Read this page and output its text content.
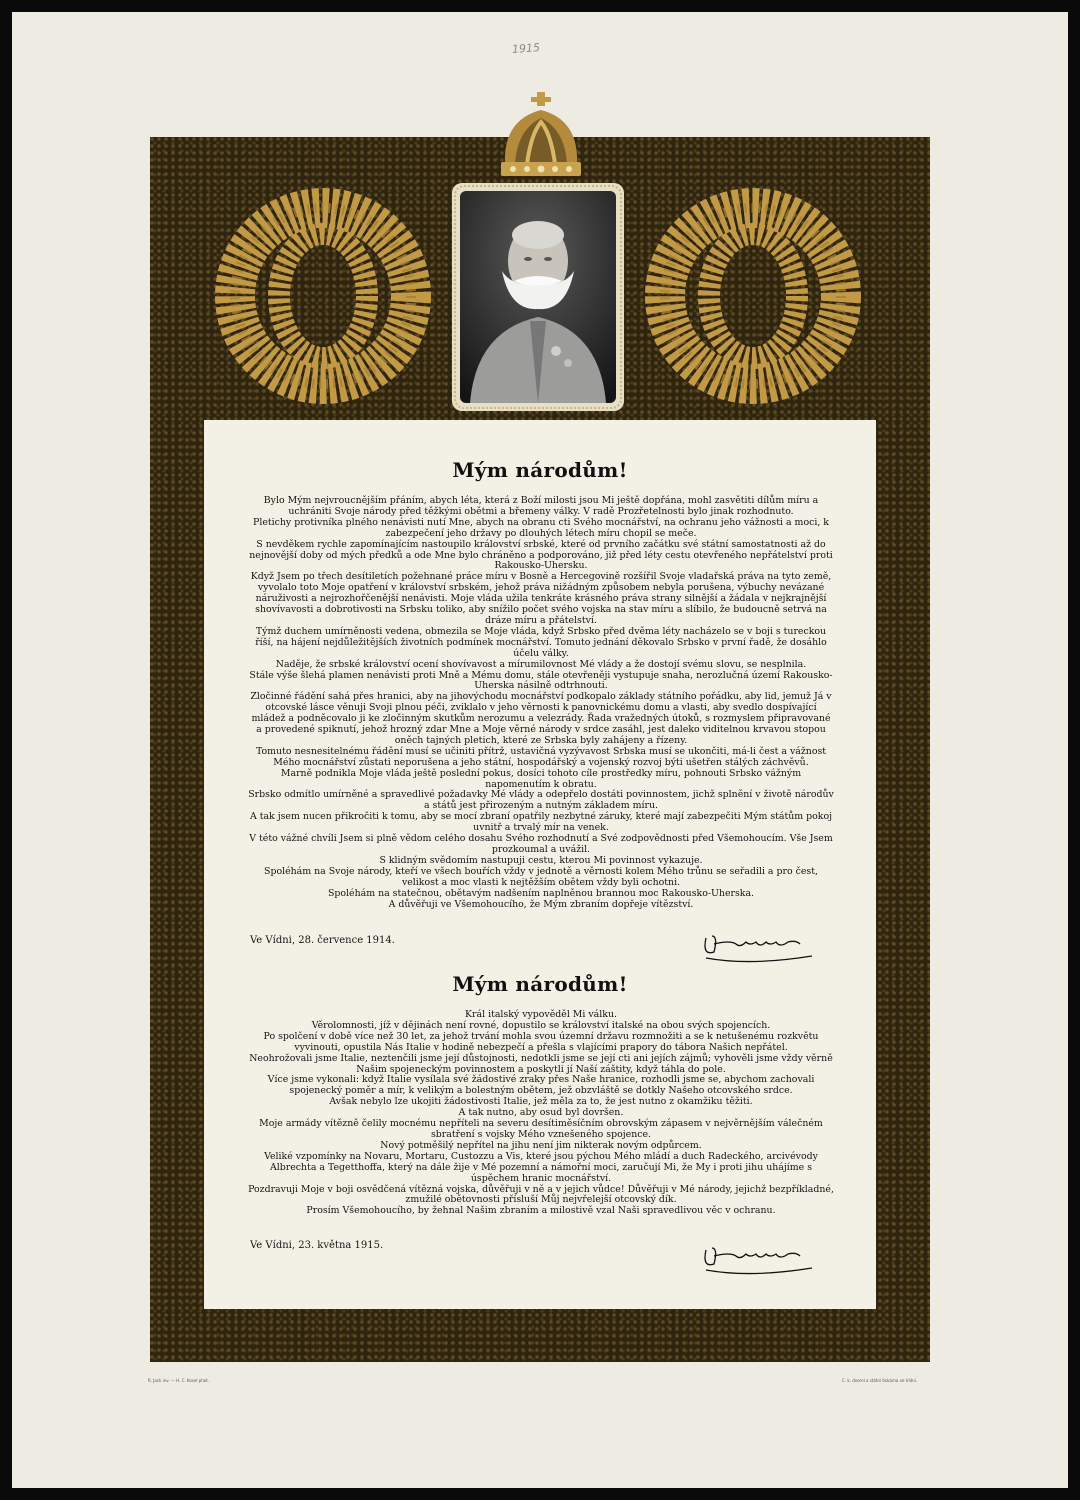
1915
Mým národům!

Bylo Mým nejvroucnějším přáním, abych léta, která z Boží milosti jsou Mi ještě dopřána, mohl zasvětiti dílům míru a uchrániti Svoje národy před těžkými obětmi a břemeny války. V radě Prozřetelnosti bylo jinak rozhodnuto.

Pletichy protivníka plného nenávisti nutí Mne, abych na obranu cti Svého mocnářství, na ochranu jeho vážnosti a moci, k zabezpečení jeho državy po dlouhých létech míru chopil se meče.

S nevděkem rychle zapomínajícím nastoupilo království srbské, které od prvního začátku své státní samostatnosti až do nejnovější doby od mých předků a ode Mne bylo chráněno a podporováno, již před léty cestu otevřeného nepřátelství proti Rakousko-Uhersku.

Když Jsem po třech desítiletích požehnané práce míru v Bosně a Hercegovině rozšířil Svoje vladařská práva na tyto země, vyvolalo toto Moje opatření v království srbském, jehož práva nižádným způsobem nebyla porušena, výbuchy nevázané náruživosti a nejrozhořčenější nenávisti. Moje vláda užila tenkráte krásného práva strany silnější a žádala v nejkrajnější shovívavosti a dobrotivosti na Srbsku toliko, aby snížilo počet svého vojska na stav míru a slíbilo, že budoucně setrvá na dráze míru a přátelství.

Týmž duchem umírněnosti vedena, obmezila se Moje vláda, když Srbsko před dvěma léty nacházelo se v boji s tureckou říší, na hájení nejdůležitějších životních podmínek mocnářství. Tomuto jednání děkovalo Srbsko v první řadě, že dosáhlo účelu války.

Naděje, že srbské království ocení shovívavost a mírumilovnost Mé vlády a že dostojí svému slovu, se nesplnila.

Stále výše šlehá plamen nenávisti proti Mně a Mému domu, stále otevřeněji vystupuje snaha, nerozlučná území Rakousko-Uherska násilně odtrhnouti.

Zločinné řádění sahá přes hranici, aby na jihovýchodu mocnářství podkopalo základy státního pořádku, aby lid, jemuž Já v otcovské lásce věnuji Svoji plnou péči, zviklalo v jeho věrnosti k panovnickému domu a vlasti, aby svedlo dospívající mládež a podněcovalo ji ke zločinným skutkům nerozumu a velezrády. Řada vražedných útoků, s rozmyslem připravované a provedené spiknutí, jehož hrozný zdar Mne a Moje věrné národy v srdce zasáhl, jest daleko viditelnou krvavou stopou oněch tajných pletich, které ze Srbska byly zahájeny a řízeny.

Tomuto nesnesitelnému řádění musí se učiniti přítrž, ustavičná vyzývavost Srbska musí se ukončiti, má-li čest a vážnost Mého mocnářství zůstati neporušena a jeho státní, hospodářský a vojenský rozvoj býti ušetřen stálých záchvěvů.

Marně podnikla Moje vláda ještě poslední pokus, dosíci tohoto cíle prostředky míru, pohnouti Srbsko vážným napomenutím k obratu.

Srbsko odmítlo umírněné a spravedlivé požadavky Mé vlády a odepřelo dostáti povinnostem, jichž splnění v životě národův a států jest přirozeným a nutným základem míru.

A tak jsem nucen přikročiti k tomu, aby se mocí zbraní opatřily nezbytné záruky, které mají zabezpečiti Mým státům pokoj uvnitř a trvalý mír na venek.

V této vážné chvíli Jsem si plně vědom celého dosahu Svého rozhodnutí a Své zodpovědnosti před Všemohoucím. Vše Jsem prozkoumal a uvážil.

S klidným svědomím nastupuji cestu, kterou Mi povinnost vykazuje.

Spoléhám na Svoje národy, kteří ve všech bouřích vždy v jednotě a věrnosti kolem Mého trůnu se seřadili a pro čest, velikost a moc vlasti k nejtěžším obětem vždy byli ochotni.

Spoléhám na statečnou, obětavým nadšením naplněnou brannou moc Rakousko-Uherska.

A důvěřuji ve Všemohoucího, že Mým zbraním dopřeje vítězství.

Ve Vídni, 28. července 1914.
Mým národům!

Král italský vypověděl Mi válku.

Věrolomnosti, jíž v dějinách není rovné, dopustilo se království italské na obou svých spojencích.

Po spolčení v době více než 30 let, za jehož trvání mohla svou územní državu rozmnožiti a se k netušenému rozkvětu vyvinouti, opustila Nás Italie v hodině nebezpečí a přešla s vlajícími prapory do tábora Našich nepřátel.

Neohrožovali jsme Italie, neztenčili jsme její důstojnosti, nedotkli jsme se její cti ani jejích zájmů; vyhověli jsme vždy věrně Našim spojeneckým povinnostem a poskytli jí Naší záštity, když táhla do pole.

Více jsme vykonali: když Italie vysílala své žádostivé zraky přes Naše hranice, rozhodli jsme se, abychom zachovali spojenecký poměr a mír, k velikým a bolestným obětem, jež obzvláště se dotkly Našeho otcovského srdce.

Avšak nebylo lze ukojiti žádostivosti Italie, jež měla za to, že jest nutno z okamžiku těžiti.

A tak nutno, aby osud byl dovršen.

Moje armády vítězně čelily mocnému nepříteli na severu desítiměsíčním obrovským zápasem v nejvěrnějším válečném sbratření s vojsky Mého vznešeného spojence.

Nový potměšilý nepřítel na jihu není jim nikterak novým odpůrcem.

Veliké vzpomínky na Novaru, Mortaru, Custozzu a Vis, které jsou pýchou Mého mládí a duch Radeckého, arcivévody Albrechta a Tegetthoffa, který na dále žije v Mé pozemní a námořní moci, zaručují Mi, že My i proti jihu uhájíme s úspěchem hranic mocnářství.

Pozdravuji Moje v boji osvědčená vítězná vojska, důvěřuji v ně a v jejich vůdce! Důvěřuji v Mé národy, jejichž bezpříkladné, zmužilé obětovnosti přísluší Můj nejvřelejší otcovský dík.

Prosím Všemohoucího, by žehnal Našim zbraním a milostivě vzal Naši spravedlivou věc v ochranu.

Ve Vídni, 23. května 1915.
R. Jack inv. — H. C. Kosel phot.	C. k. dvorní a státní tiskárna ve Vídni.
